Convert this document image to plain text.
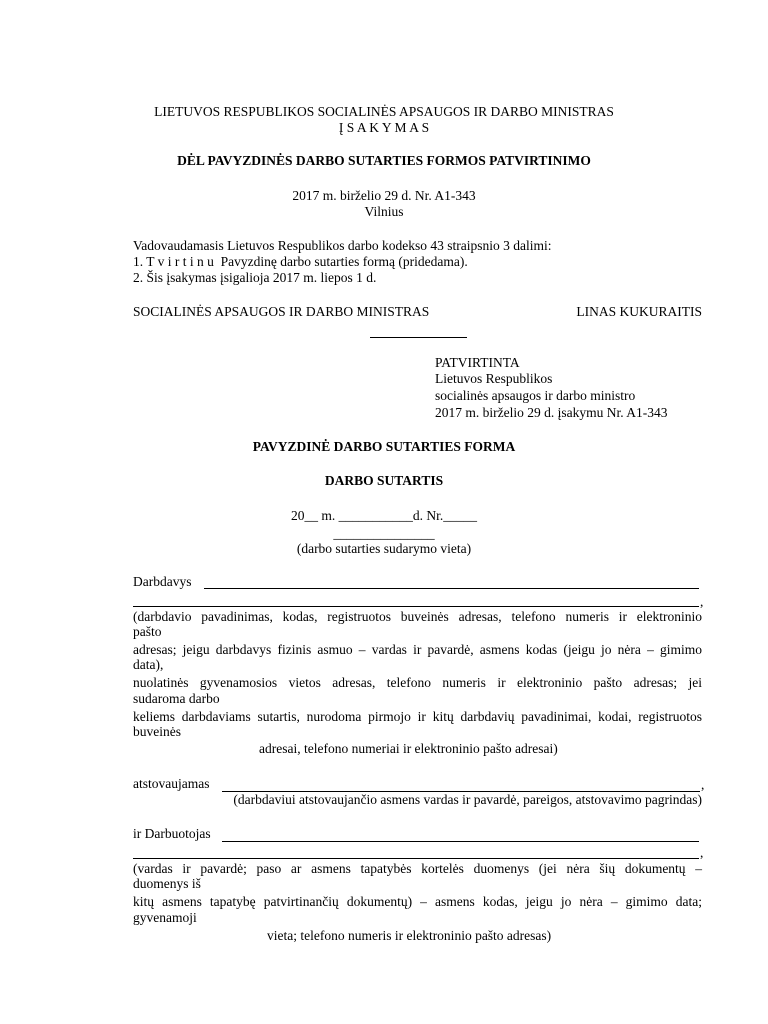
LIETUVOS RESPUBLIKOS SOCIALINĖS APSAUGOS IR DARBO MINISTRAS
Į S A K Y M A S
DĖL PAVYZDINĖS DARBO SUTARTIES FORMOS PATVIRTINIMO
2017 m. birželio 29 d. Nr. A1-343
Vilnius
Vadovaudamasis Lietuvos Respublikos darbo kodekso 43 straipsnio 3 dalimi:
1. T v i r t i n u Pavyzdinę darbo sutarties formą (pridedama).
2. Šis įsakymas įsigalioja 2017 m. liepos 1 d.
SOCIALINĖS APSAUGOS IR DARBO MINISTRAS	LINAS KUKURAITIS
PATVIRTINTA
Lietuvos Respublikos
socialinės apsaugos ir darbo ministro
2017 m. birželio 29 d. įsakymu Nr. A1-343
PAVYZDINĖ DARBO SUTARTIES FORMA
DARBO SUTARTIS
20__ m. ___________d. Nr._____
_______________
(darbo sutarties sudarymo vieta)
Darbdavys
,
(darbdavio pavadinimas, kodas, registruotos buveinės adresas, telefono numeris ir elektroninio
pašto
adresas; jeigu darbdavys fizinis asmuo – vardas ir pavardė, asmens kodas (jeigu jo nėra – gimimo
data),
nuolatinės gyvenamosios vietos adresas, telefono numeris ir elektroninio pašto adresas; jei
sudaroma darbo
keliems darbdaviams sutartis, nurodoma pirmojo ir kitų darbdavių pavadinimai, kodai, registruotos
buveinės
adresai, telefono numeriai ir elektroninio pašto adresai)
atstovaujamas	,
(darbdaviui atstovaujančio asmens vardas ir pavardė, pareigos, atstovavimo pagrindas)
ir Darbuotojas
,
(vardas ir pavardė; paso ar asmens tapatybės kortelės duomenys (jei nėra šių dokumentų –
duomenys iš
kitų asmens tapatybę patvirtinančių dokumentų) – asmens kodas, jeigu jo nėra – gimimo data;
gyvenamoji
vieta; telefono numeris ir elektroninio pašto adresas)
